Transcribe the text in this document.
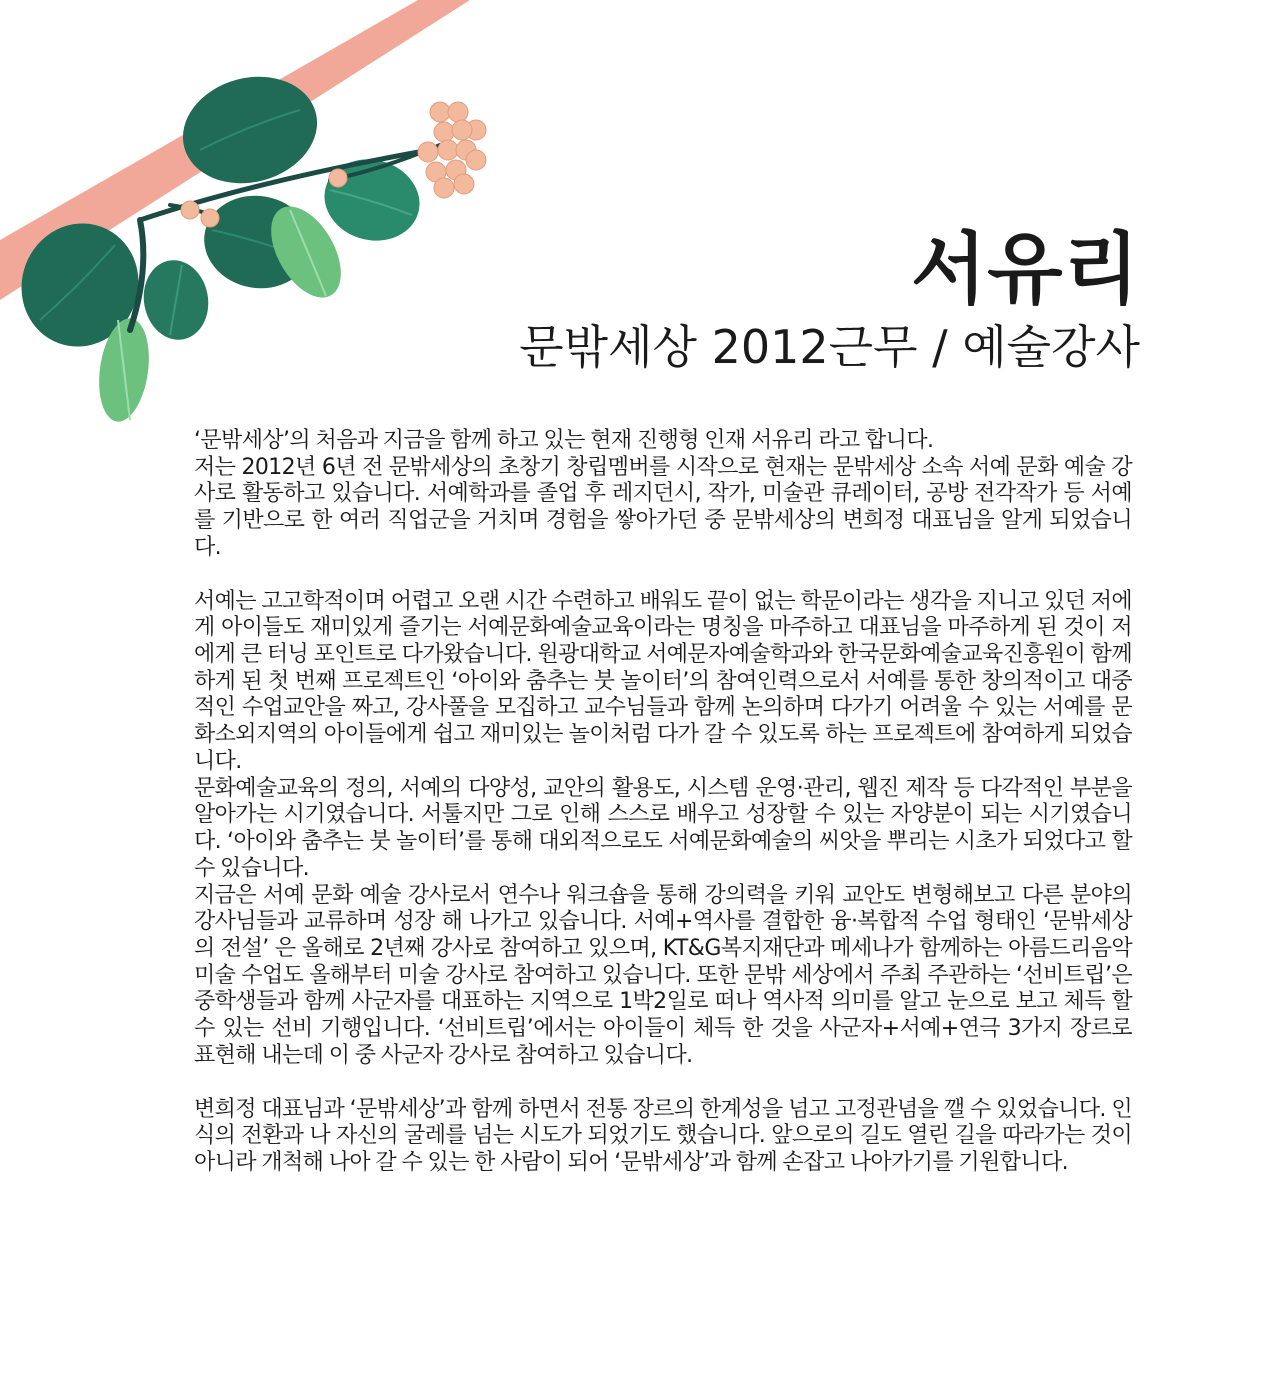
서유리
문밖세상 2012근무 / 예술강사

‘문밖세상’의 처음과 지금을 함께 하고 있는 현재 진행형 인재 서유리 라고 합니다.

저는 2012년 6년 전 문밖세상의 초창기 창립멤버를 시작으로 현재는 문밖세상 소속 서예 문화 예술 강사로 활동하고 있습니다. 서예학과를 졸업 후 레지던시, 작가, 미술관 큐레이터, 공방 전각작가 등 서예를 기반으로 한 여러 직업군을 거치며 경험을 쌓아가던 중 문밖세상의 변희정 대표님을 알게 되었습니다.

서예는 고고학적이며 어렵고 오랜 시간 수련하고 배워도 끝이 없는 학문이라는 생각을 지니고 있던 저에게 아이들도 재미있게 즐기는 서예문화예술교육이라는 명칭을 마주하고 대표님을 마주하게 된 것이 저에게 큰 터닝 포인트로 다가왔습니다. 원광대학교 서예문자예술학과와 한국문화예술교육진흥원이 함께 하게 된 첫 번째 프로젝트인 ‘아이와 춤추는 붓 놀이터’의 참여인력으로서 서예를 통한 창의적이고 대중적인 수업교안을 짜고, 강사풀을 모집하고 교수님들과 함께 논의하며 다가기 어려울 수 있는 서예를 문화소외지역의 아이들에게 쉽고 재미있는 놀이처럼 다가 갈 수 있도록 하는 프로젝트에 참여하게 되었습니다.

문화예술교육의 정의, 서예의 다양성, 교안의 활용도, 시스템 운영·관리, 웹진 제작 등 다각적인 부분을 알아가는 시기였습니다. 서툴지만 그로 인해 스스로 배우고 성장할 수 있는 자양분이 되는 시기였습니다. ‘아이와 춤추는 붓 놀이터’를 통해 대외적으로도 서예문화예술의 씨앗을 뿌리는 시초가 되었다고 할 수 있습니다.

지금은 서예 문화 예술 강사로서 연수나 워크숍을 통해 강의력을 키워 교안도 변형해보고 다른 분야의 강사님들과 교류하며 성장 해 나가고 있습니다. 서예+역사를 결합한 융·복합적 수업 형태인 ‘문밖세상의 전설’ 은 올해로 2년째 강사로 참여하고 있으며, KT&G복지재단과 메세나가 함께하는 아름드리음악미술 수업도 올해부터 미술 강사로 참여하고 있습니다. 또한 문밖 세상에서 주최 주관하는 ‘선비트립’은 중학생들과 함께 사군자를 대표하는 지역으로 1박2일로 떠나 역사적 의미를 알고 눈으로 보고 체득 할 수 있는 선비 기행입니다. ‘선비트립’에서는 아이들이 체득 한 것을 사군자+서예+연극 3가지 장르로 표현해 내는데 이 중 사군자 강사로 참여하고 있습니다.

변희정 대표님과 ‘문밖세상’과 함께 하면서 전통 장르의 한계성을 넘고 고정관념을 깰 수 있었습니다. 인식의 전환과 나 자신의 굴레를 넘는 시도가 되었기도 했습니다. 앞으로의 길도 열린 길을 따라가는 것이 아니라 개척해 나아 갈 수 있는 한 사람이 되어 ‘문밖세상’과 함께 손잡고 나아가기를 기원합니다.
